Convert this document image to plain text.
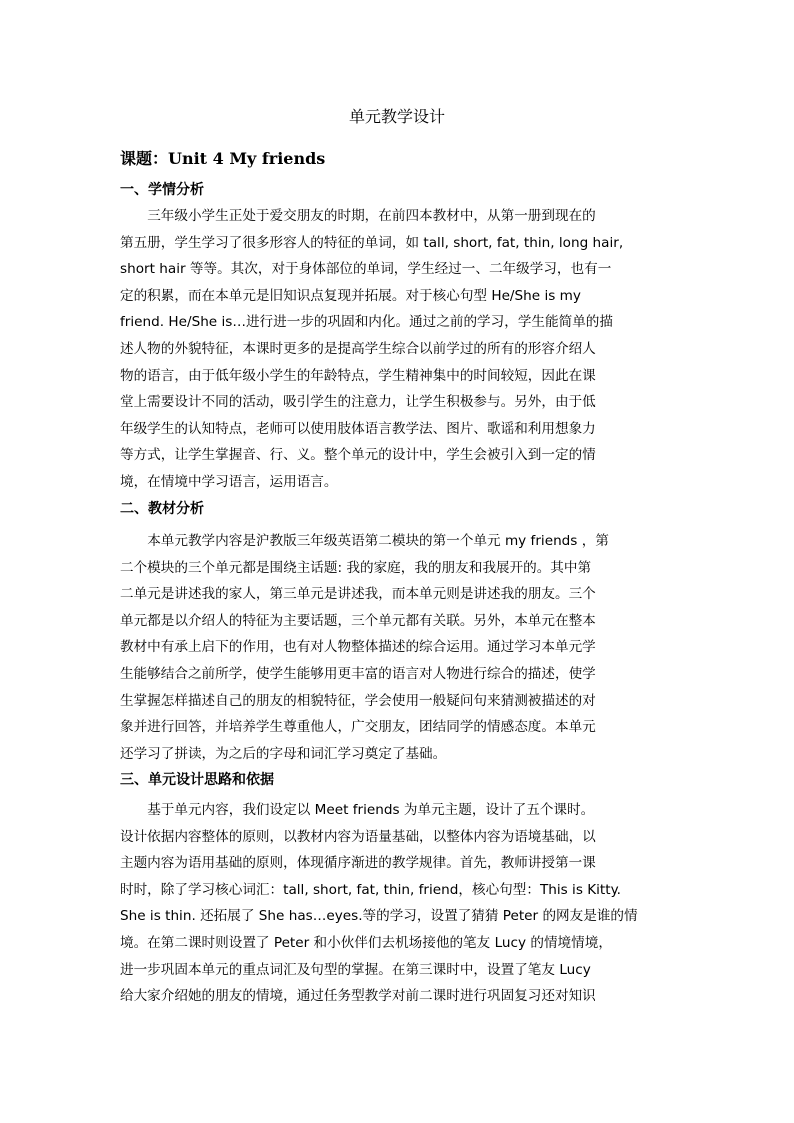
单元教学设计
课题：Unit 4 My friends
一、学情分析
三年级小学生正处于爱交朋友的时期，在前四本教材中，从第一册到现在的
第五册，学生学习了很多形容人的特征的单词，如 tall, short, fat, thin, long hair,
short hair 等等。其次，对于身体部位的单词，学生经过一、二年级学习，也有一
定的积累，而在本单元是旧知识点复现并拓展。对于核心句型 He/She is my
friend. He/She is…进行进一步的巩固和内化。通过之前的学习，学生能简单的描
述人物的外貌特征，本课时更多的是提高学生综合以前学过的所有的形容介绍人
物的语言，由于低年级小学生的年龄特点，学生精神集中的时间较短，因此在课
堂上需要设计不同的活动，吸引学生的注意力，让学生积极参与。另外，由于低
年级学生的认知特点，老师可以使用肢体语言教学法、图片、歌谣和利用想象力
等方式，让学生掌握音、行、义。整个单元的设计中，学生会被引入到一定的情
境，在情境中学习语言，运用语言。
二、教材分析
本单元教学内容是沪教版三年级英语第二模块的第一个单元 my friends ，第
二个模块的三个单元都是围绕主话题: 我的家庭，我的朋友和我展开的。其中第
二单元是讲述我的家人，第三单元是讲述我，而本单元则是讲述我的朋友。三个
单元都是以介绍人的特征为主要话题，三个单元都有关联。另外，本单元在整本
教材中有承上启下的作用，也有对人物整体描述的综合运用。通过学习本单元学
生能够结合之前所学，使学生能够用更丰富的语言对人物进行综合的描述，使学
生掌握怎样描述自己的朋友的相貌特征，学会使用一般疑问句来猜测被描述的对
象并进行回答，并培养学生尊重他人，广交朋友，团结同学的情感态度。本单元
还学习了拼读，为之后的字母和词汇学习奠定了基础。
三、单元设计思路和依据
基于单元内容，我们设定以 Meet friends 为单元主题，设计了五个课时。
设计依据内容整体的原则，以教材内容为语量基础，以整体内容为语境基础，以
主题内容为语用基础的原则，体现循序渐进的教学规律。首先，教师讲授第一课
时时，除了学习核心词汇：tall, short, fat, thin, friend，核心句型：This is Kitty.
She is thin. 还拓展了 She has…eyes.等的学习，设置了猜猜 Peter 的网友是谁的情
境。在第二课时则设置了 Peter 和小伙伴们去机场接他的笔友 Lucy 的情境情境，
进一步巩固本单元的重点词汇及句型的掌握。在第三课时中，设置了笔友 Lucy
给大家介绍她的朋友的情境，通过任务型教学对前二课时进行巩固复习还对知识
